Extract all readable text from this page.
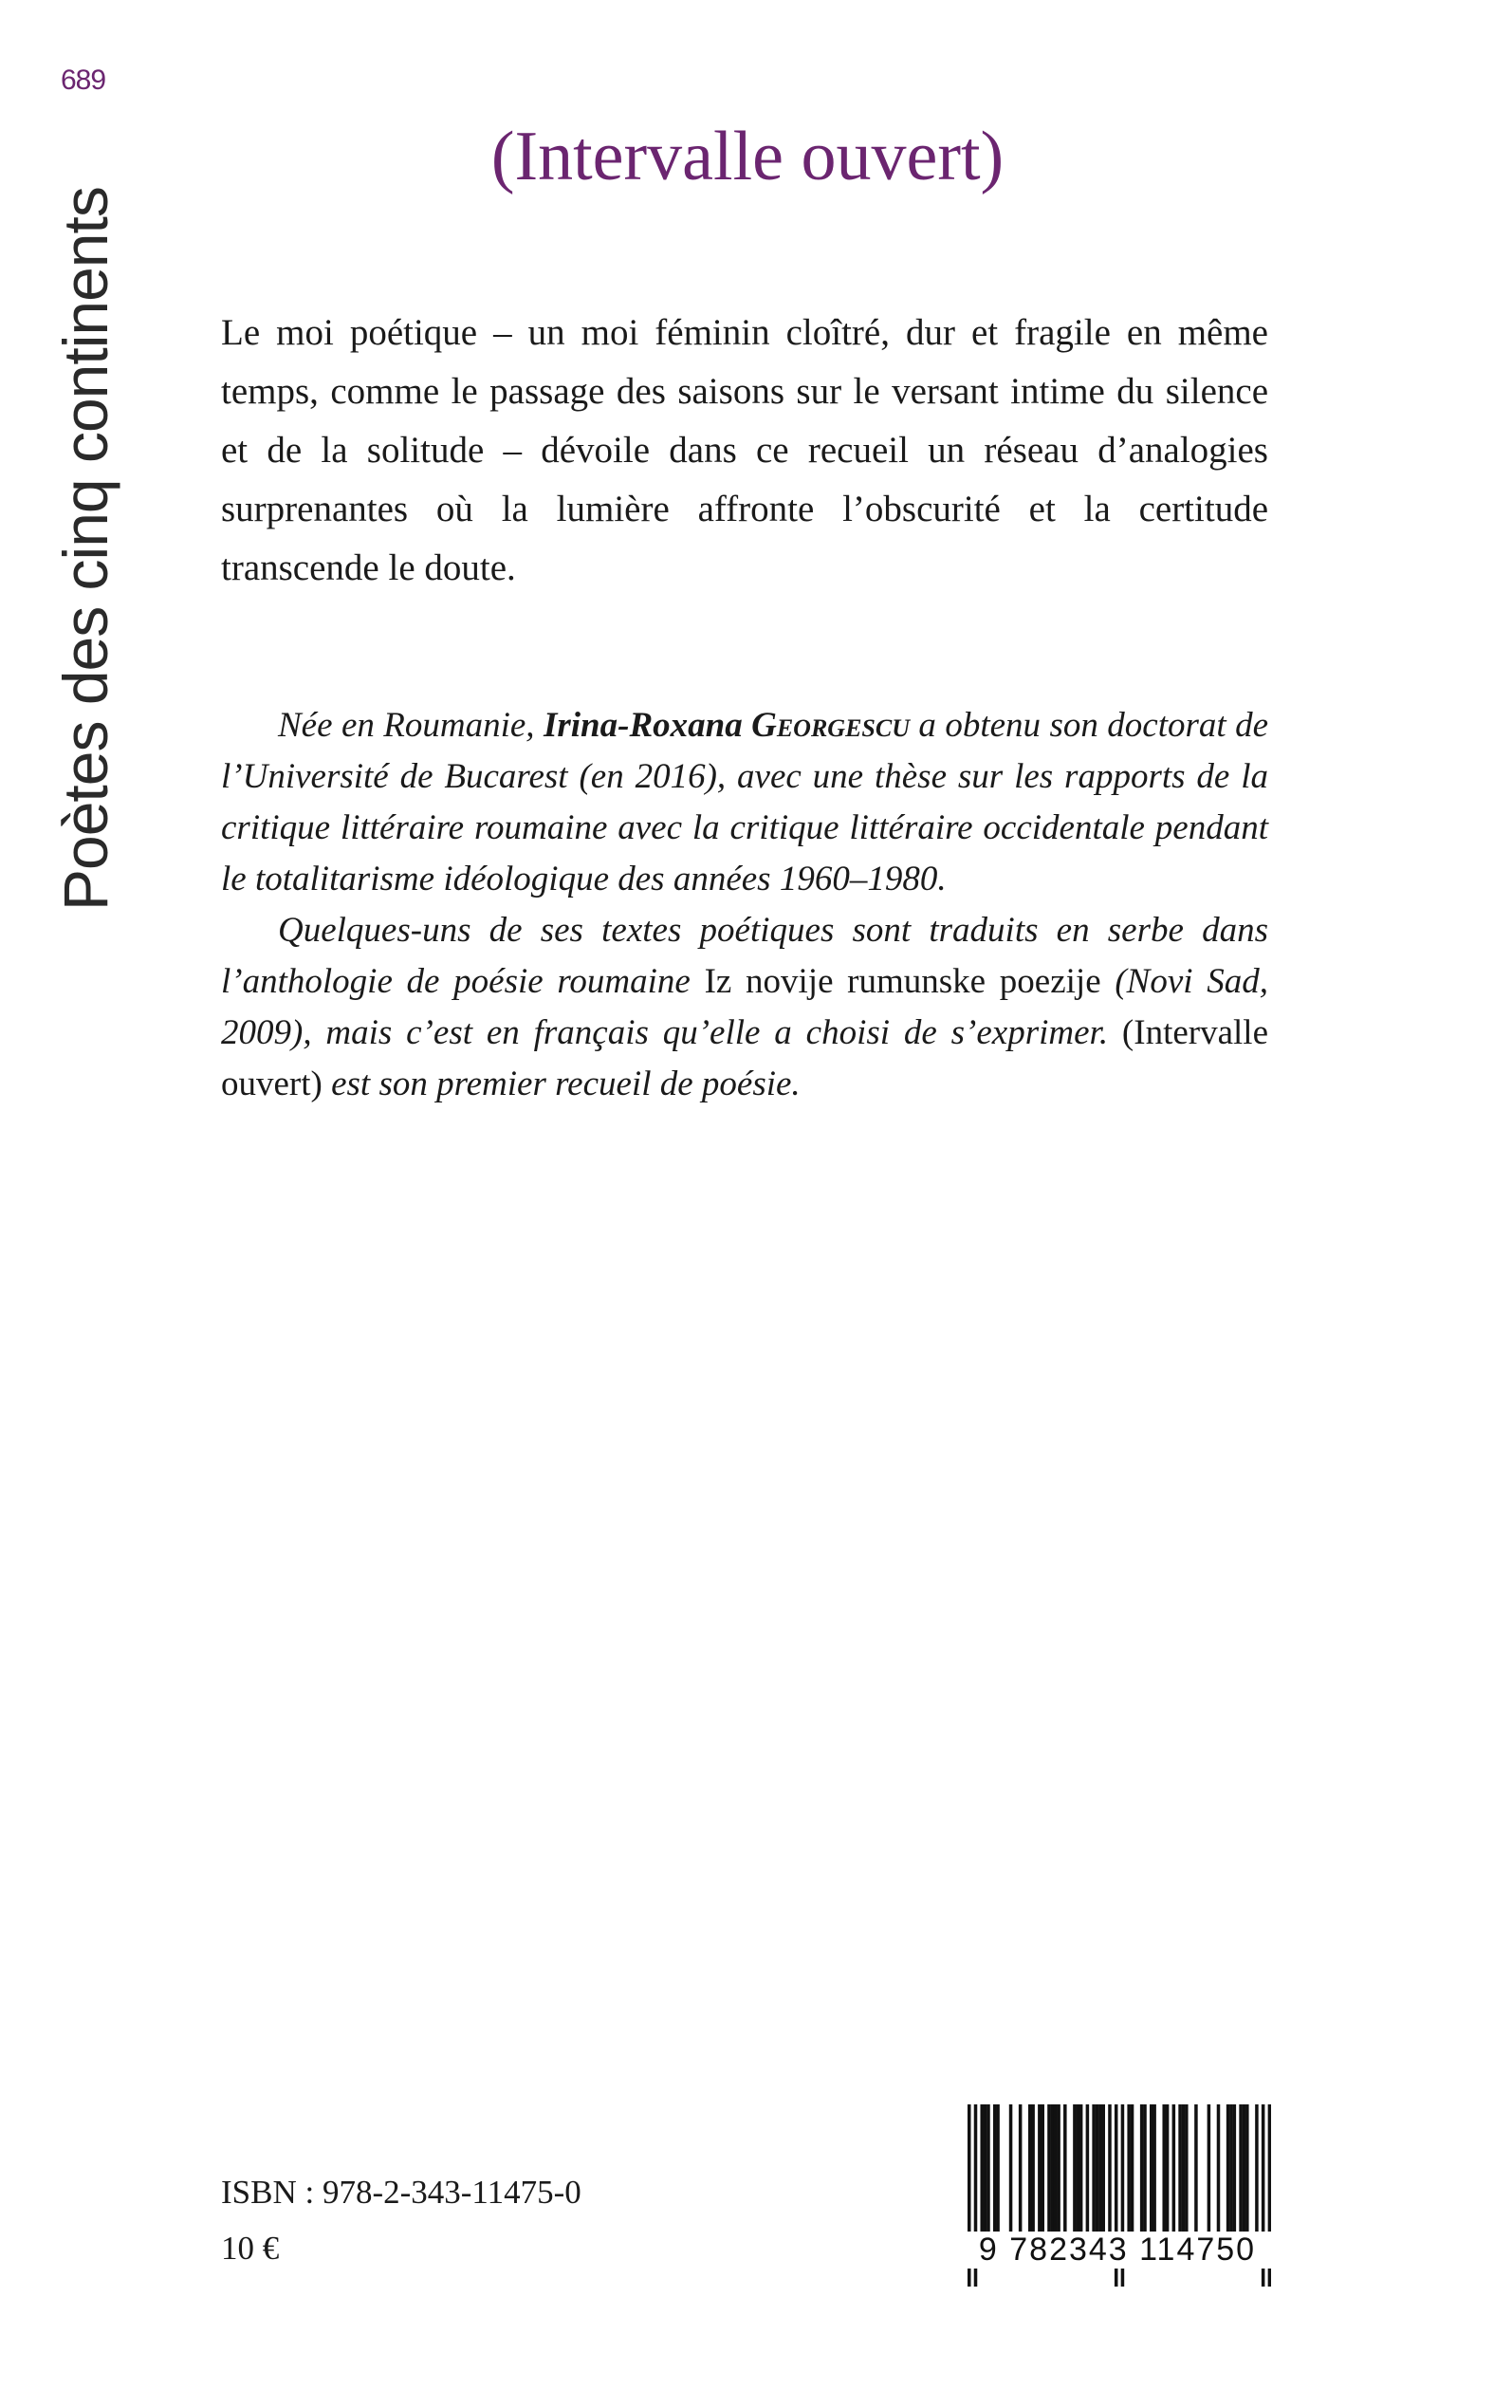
689
Poètes des cinq continents
(Intervalle ouvert)

Le moi poétique – un moi féminin cloîtré, dur et fragile en même temps, comme le passage des saisons sur le versant intime du silence et de la solitude – dévoile dans ce recueil un réseau d’analogies surprenantes où la lumière affronte l’obscurité et la certitude transcende le doute.

Née en Roumanie, Irina-Roxana Georgescu a obtenu son doctorat de l’Université de Bucarest (en 2016), avec une thèse sur les rapports de la critique littéraire roumaine avec la critique littéraire occidentale pendant le totalitarisme idéologique des années 1960–1980.

Quelques-uns de ses textes poétiques sont traduits en serbe dans l’anthologie de poésie roumaine Iz novije rumunske poezije (Novi Sad, 2009), mais c’est en français qu’elle a choisi de s’exprimer. (Intervalle ouvert) est son premier recueil de poésie.

ISBN : 978-2-343-11475-0
10 €	9 782343 114750
